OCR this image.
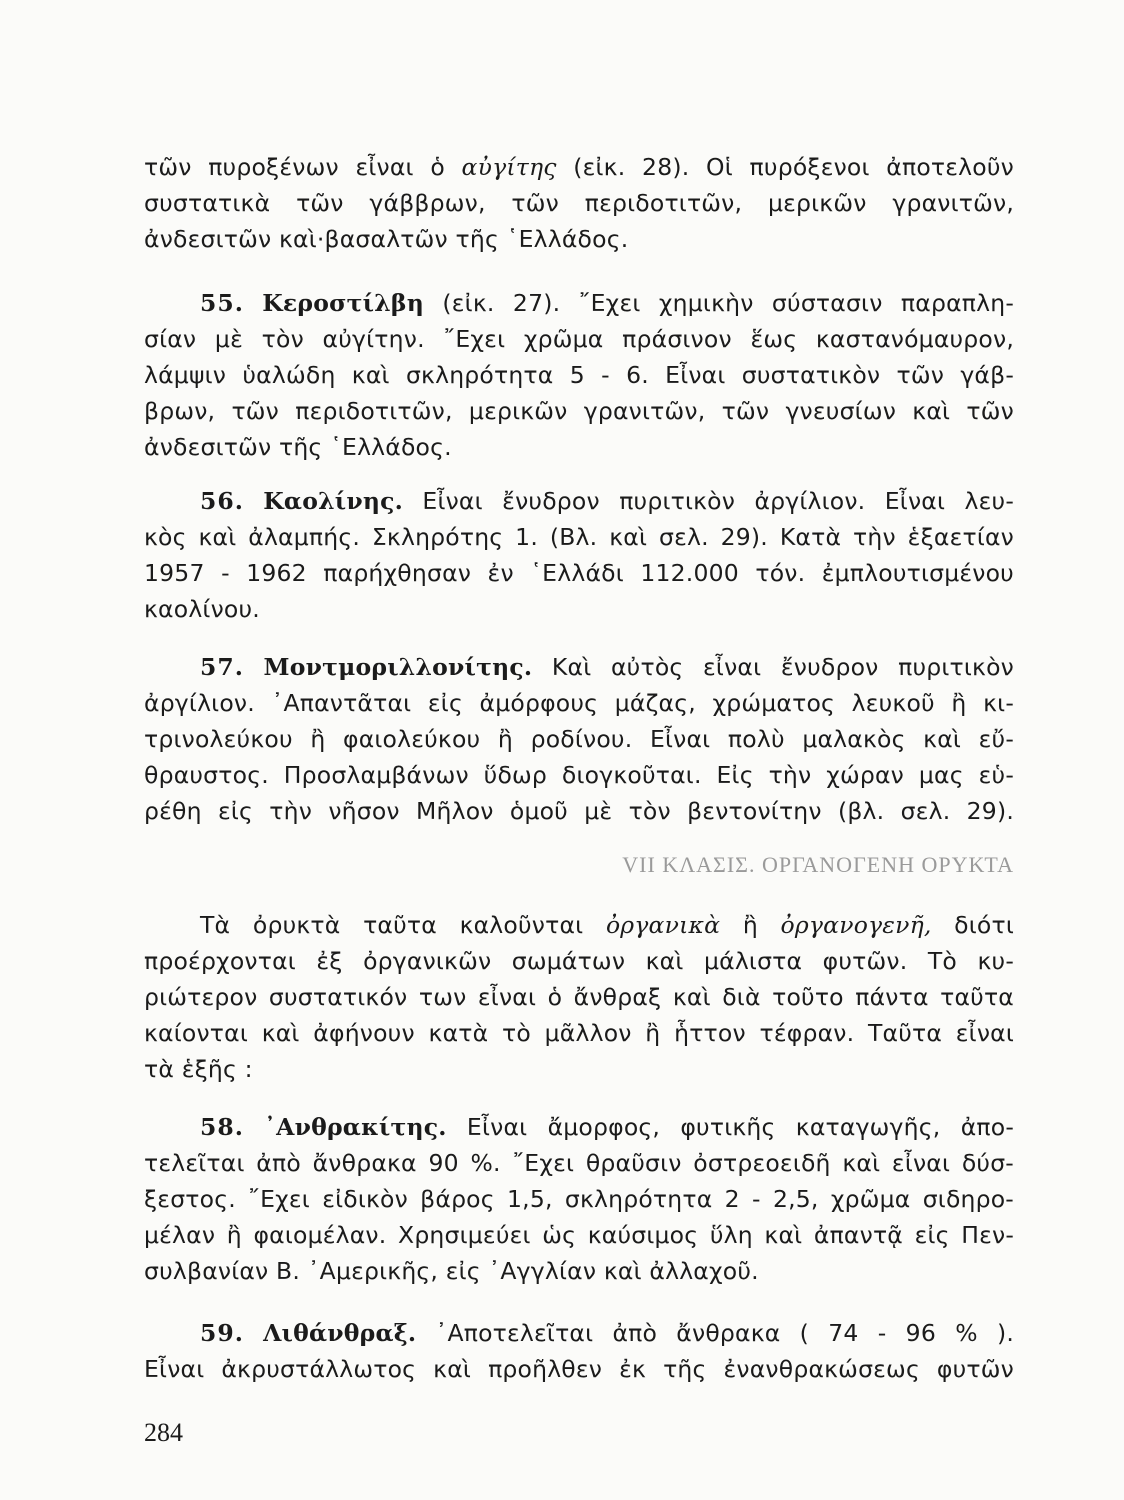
τῶν πυροξένων εἶναι ὁ αὐγίτης (εἰκ. 28). Οἱ πυρόξενοι ἀποτελοῦν
συστατικὰ τῶν γάββρων, τῶν περιδοτιτῶν, μερικῶν γρανιτῶν,
ἀνδεσιτῶν καὶ·βασαλτῶν τῆς ῾Ελλάδος.
55. Κεροστίλβη (εἰκ. 27). ῎Εχει χημικὴν σύστασιν παραπλη-
σίαν μὲ τὸν αὐγίτην. ῎Εχει χρῶμα πράσινον ἕως καστανόμαυρον,
λάμψιν ὑαλώδη καὶ σκληρότητα 5 - 6. Εἶναι συστατικὸν τῶν γάβ-
βρων, τῶν περιδοτιτῶν, μερικῶν γρανιτῶν, τῶν γνευσίων καὶ τῶν
ἀνδεσιτῶν τῆς ῾Ελλάδος.
56. Καολίνης. Εἶναι ἔνυδρον πυριτικὸν ἀργίλιον. Εἶναι λευ-
κὸς καὶ ἀλαμπής. Σκληρότης 1. (Βλ. καὶ σελ. 29). Κατὰ τὴν ἑξαετίαν
1957 - 1962 παρήχθησαν ἐν ῾Ελλάδι 112.000 τόν. ἐμπλουτισμένου
καολίνου.
57. Μοντμοριλλονίτης. Καὶ αὐτὸς εἶναι ἔνυδρον πυριτικὸν
ἀργίλιον. ᾿Απαντᾶται εἰς ἀμόρφους μάζας, χρώματος λευκοῦ ἢ κι-
τρινολεύκου ἢ φαιολεύκου ἢ ροδίνου. Εἶναι πολὺ μαλακὸς καὶ εὔ-
θραυστος. Προσλαμβάνων ὕδωρ διογκοῦται. Εἰς τὴν χώραν μας εὑ-
ρέθη εἰς τὴν νῆσον Μῆλον ὁμοῦ μὲ τὸν βεντονίτην (βλ. σελ. 29).
VII ΚΛΑΣΙΣ. ΟΡΓΑΝΟΓΕΝΗ ΟΡΥΚΤΑ
Τὰ ὀρυκτὰ ταῦτα καλοῦνται ὀργανικὰ ἢ ὀργανογενῆ, διότι
προέρχονται ἐξ ὀργανικῶν σωμάτων καὶ μάλιστα φυτῶν. Τὸ κυ-
ριώτερον συστατικόν των εἶναι ὁ ἄνθραξ καὶ διὰ τοῦτο πάντα ταῦτα
καίονται καὶ ἀφήνουν κατὰ τὸ μᾶλλον ἢ ἧττον τέφραν. Ταῦτα εἶναι
τὰ ἑξῆς :
58. ᾿Ανθρακίτης. Εἶναι ἄμορφος, φυτικῆς καταγωγῆς, ἀπο-
τελεῖται ἀπὸ ἄνθρακα 90 %. ῎Εχει θραῦσιν ὀστρεοειδῆ καὶ εἶναι δύσ-
ξεστος. ῎Εχει εἰδικὸν βάρος 1,5, σκληρότητα 2 - 2,5, χρῶμα σιδηρο-
μέλαν ἢ φαιομέλαν. Χρησιμεύει ὡς καύσιμος ὕλη καὶ ἀπαντᾷ εἰς Πεν-
συλβανίαν Β. ᾿Αμερικῆς, εἰς ᾿Αγγλίαν καὶ ἀλλαχοῦ.
59. Λιθάνθραξ. ᾿Αποτελεῖται ἀπὸ ἄνθρακα ( 74 - 96 % ).
Εἶναι ἀκρυστάλλωτος καὶ προῆλθεν ἐκ τῆς ἐνανθρακώσεως φυτῶν
284
